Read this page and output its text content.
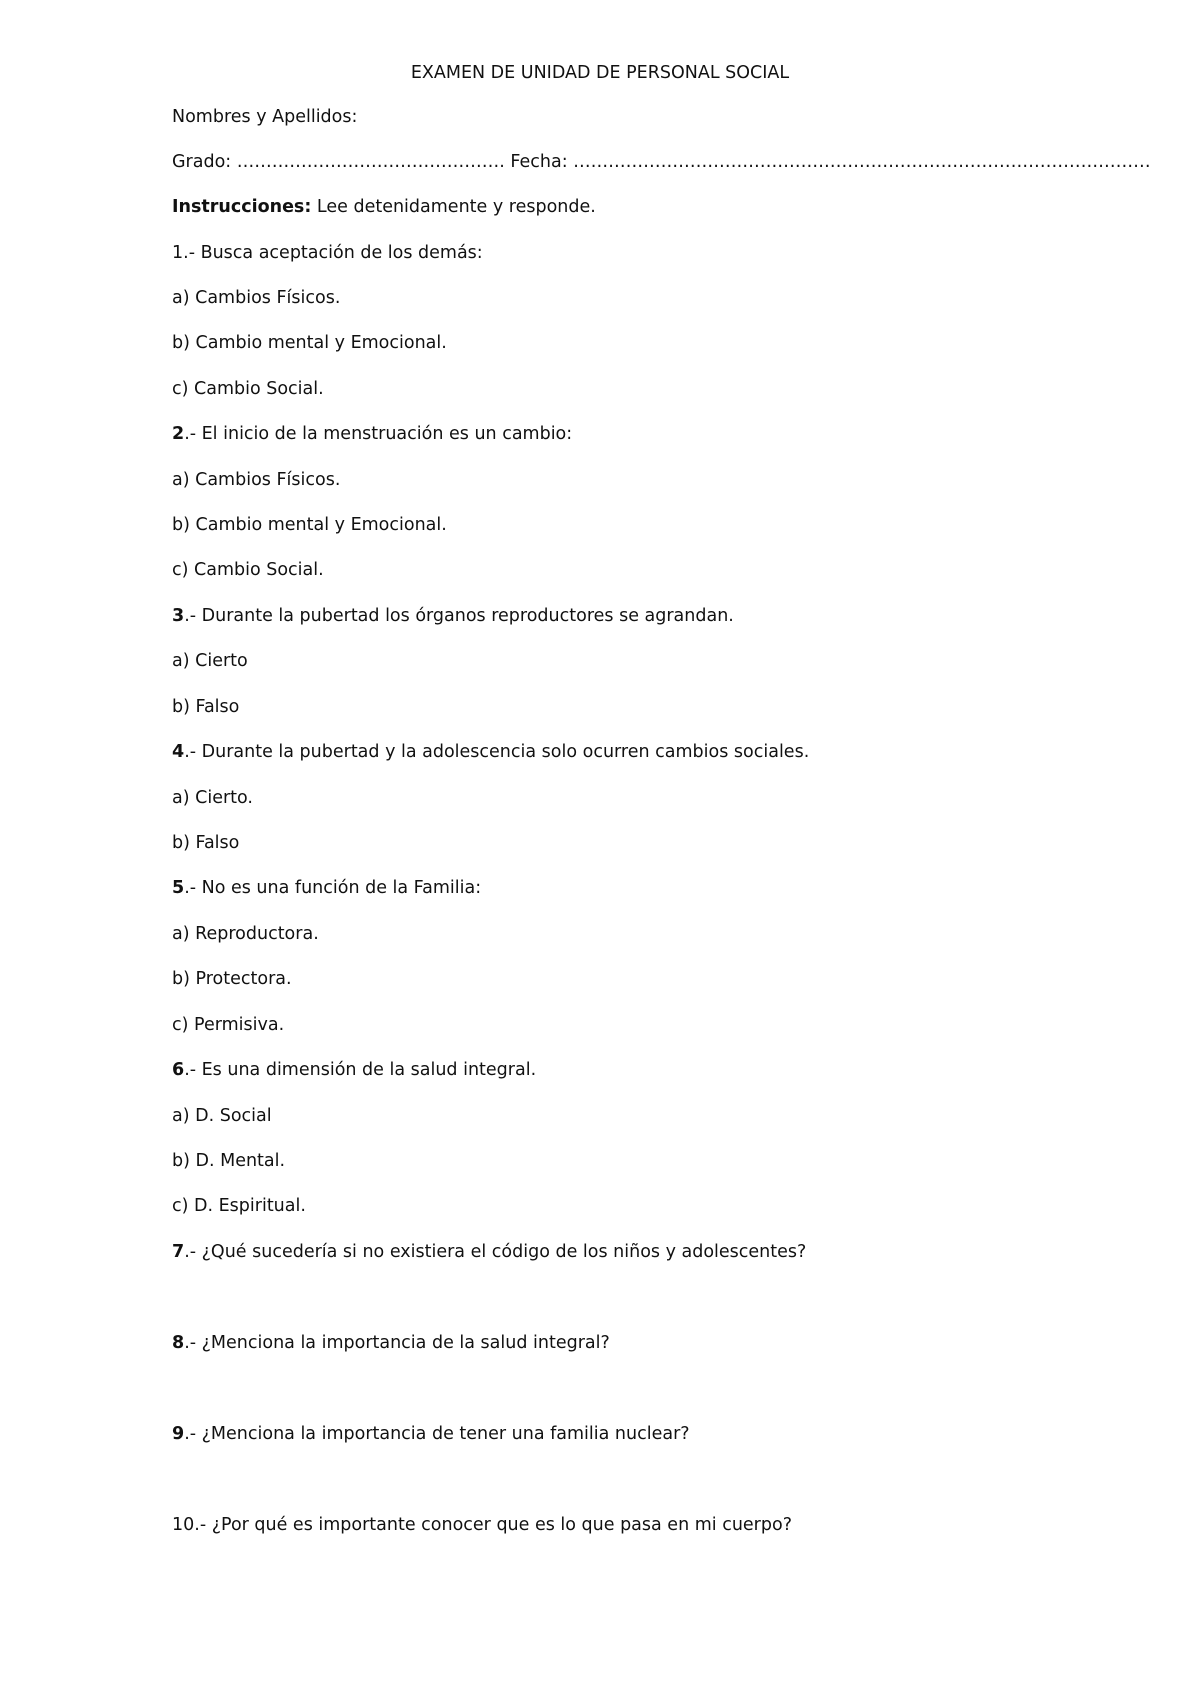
EXAMEN DE UNIDAD DE PERSONAL SOCIAL
Nombres y Apellidos:
Grado: ………………………………………. Fecha: ………………………………………………………………………………………
Instrucciones: Lee detenidamente y responde.
1.- Busca aceptación de los demás:
a) Cambios Físicos.
b) Cambio mental y Emocional.
c) Cambio Social.
2.- El inicio de la menstruación es un cambio:
a) Cambios Físicos.
b) Cambio mental y Emocional.
c) Cambio Social.
3.- Durante la pubertad los órganos reproductores se agrandan.
a) Cierto
b) Falso
4.- Durante la pubertad y la adolescencia solo ocurren cambios sociales.
a) Cierto.
b) Falso
5.- No es una función de la Familia:
a) Reproductora.
b) Protectora.
c) Permisiva.
6.- Es una dimensión de la salud integral.
a) D. Social
b) D. Mental.
c) D. Espiritual.
7.- ¿Qué sucedería si no existiera el código de los niños y adolescentes?
8.- ¿Menciona la importancia de la salud integral?
9.- ¿Menciona la importancia de tener una familia nuclear?
10.- ¿Por qué es importante conocer que es lo que pasa en mi cuerpo?
